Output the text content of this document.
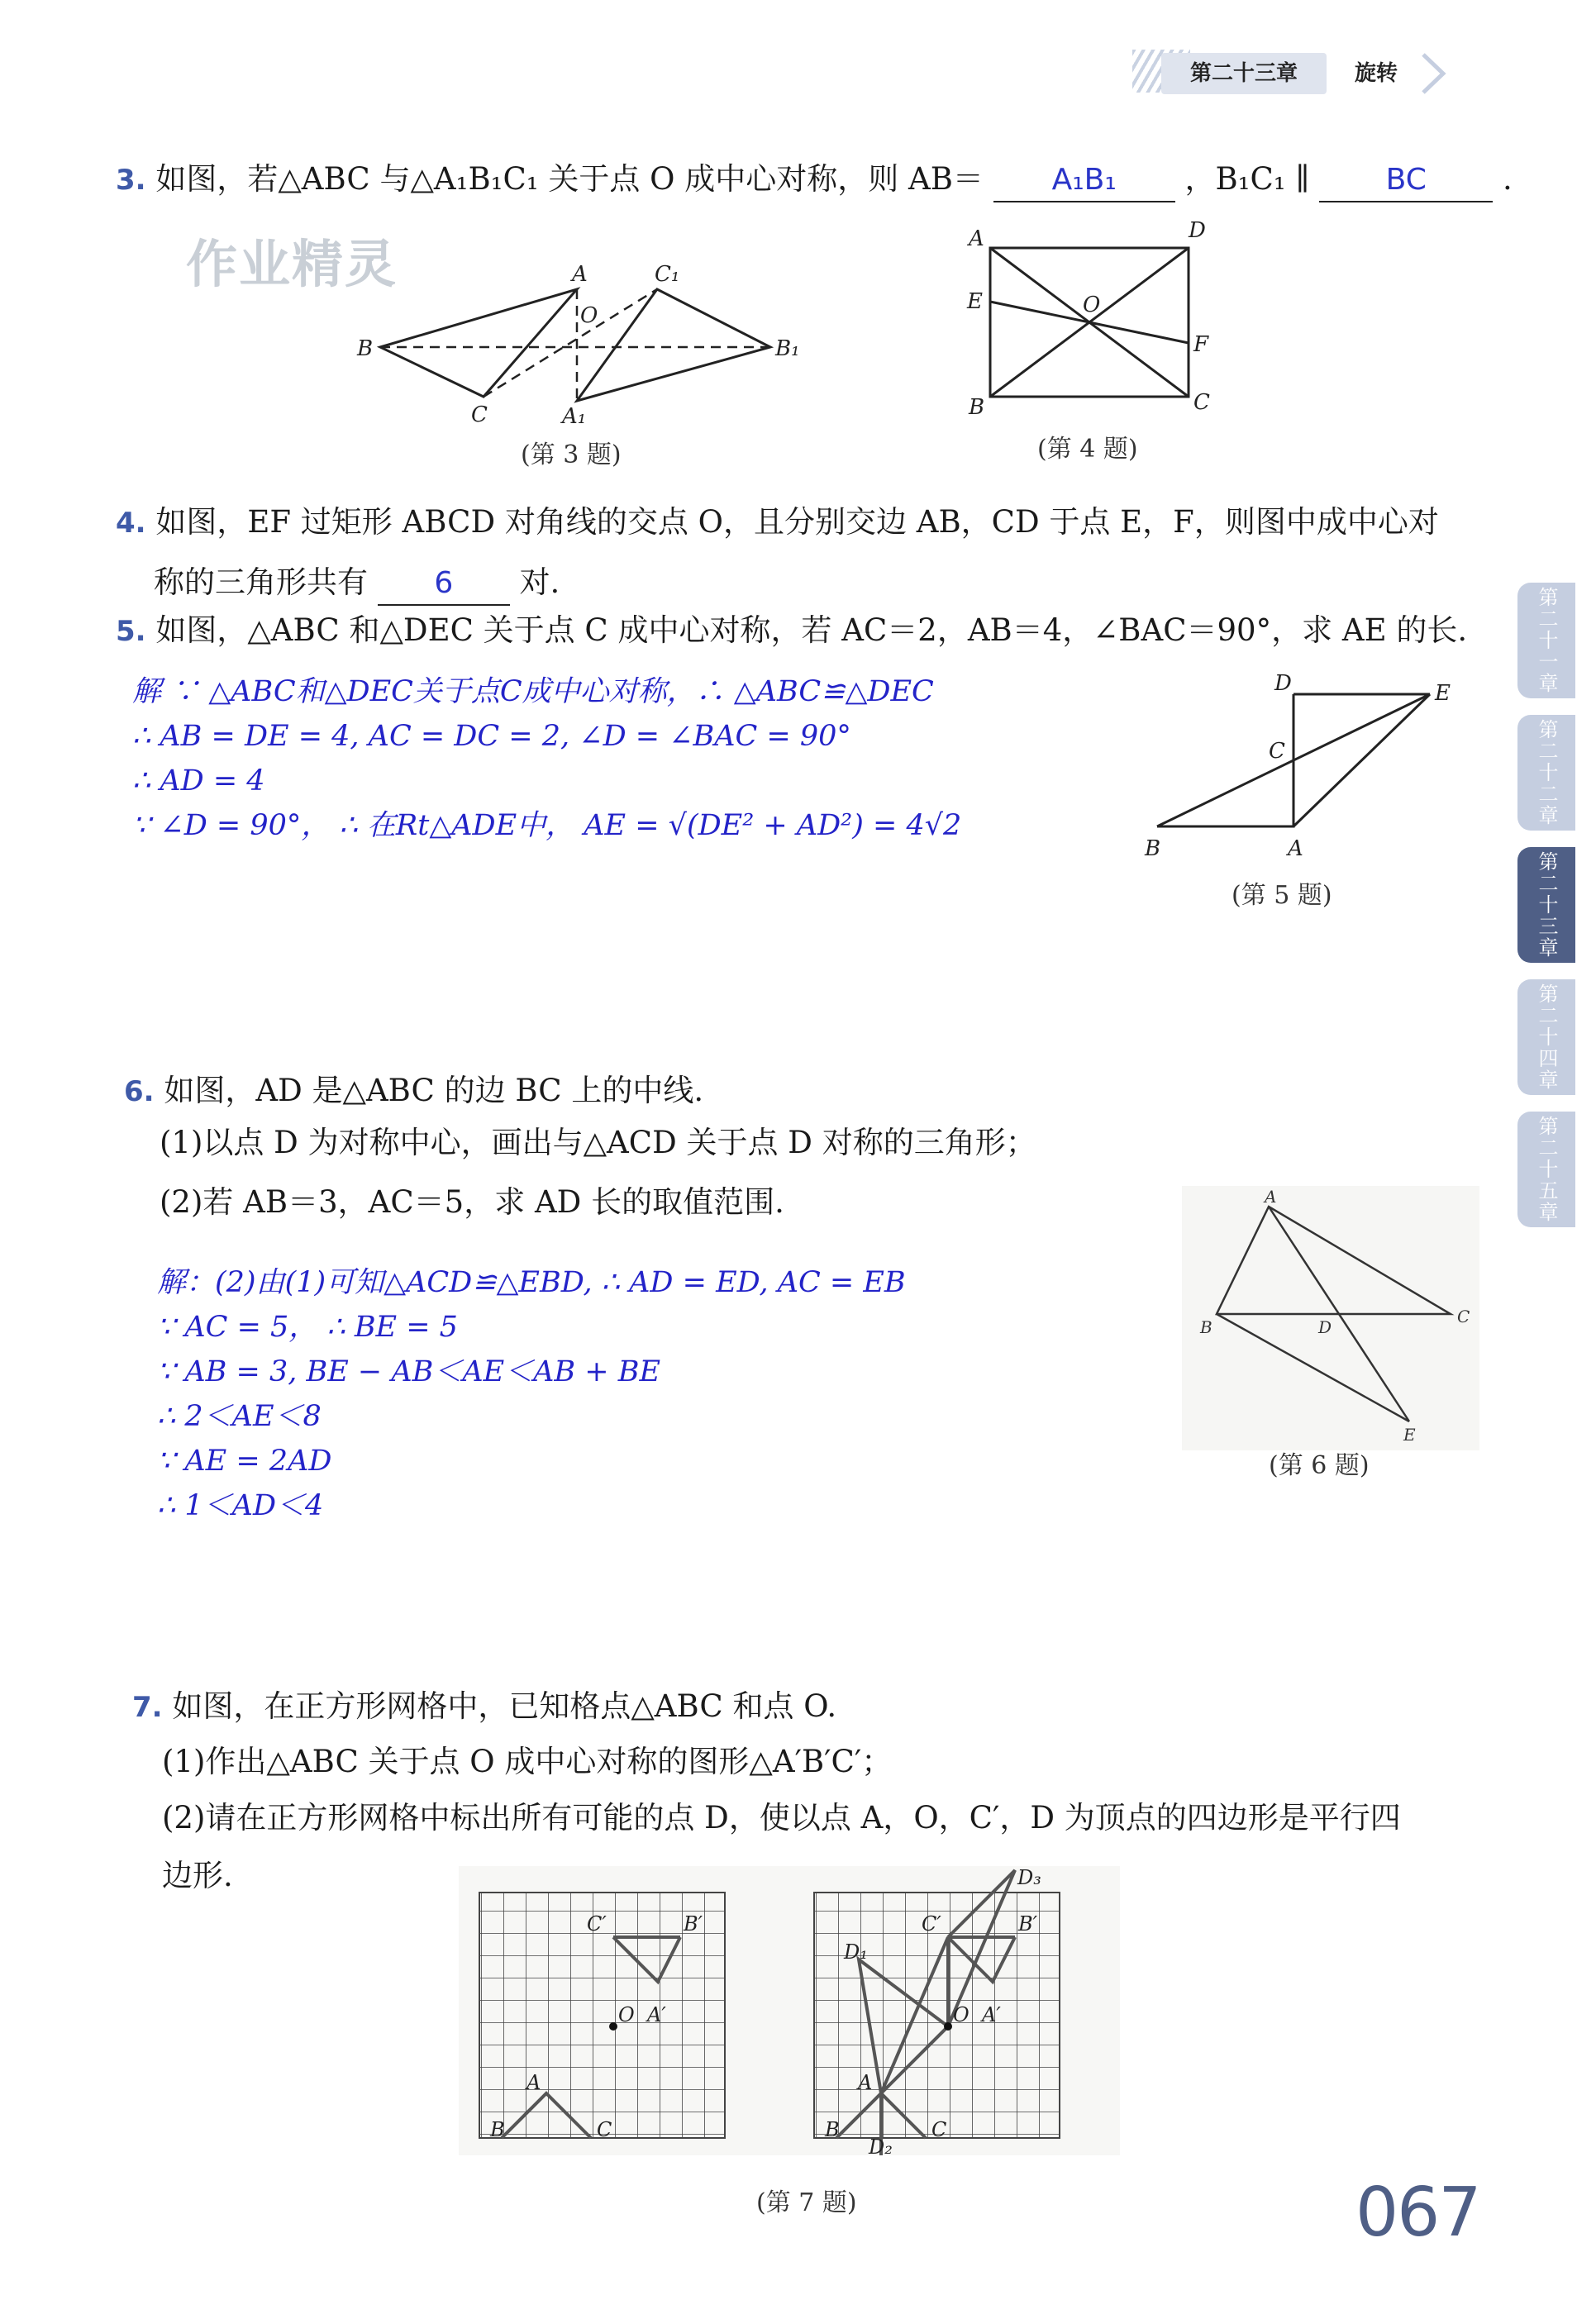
第二十三章	旋转
第二十一章
第二十二章
第二十三章
第二十四章
第二十五章
作业精灵
3. 如图，若△ABC 与△A₁B₁C₁ 关于点 O 成中心对称，则 AB＝ A₁B₁ ，B₁C₁ ∥	BC .
A	C₁
O
B	B₁
C	A₁
(第 3 题)
A	D
E	O
F
B	C
(第 4 题)
4. 如图，EF 过矩形 ABCD 对角线的交点 O，且分别交边 AB，CD 于点 E，F，则图中成中心对
称的三角形共有 6 对.
5. 如图，△ABC 和△DEC 关于点 C 成中心对称，若 AC＝2，AB＝4，∠BAC＝90°，求 AE 的长.
解 ∵ △ABC和△DEC关于点C成中心对称，∴ △ABC≌△DEC
∴ AB = DE = 4, AC = DC = 2, ∠D = ∠BAC = 90°
∴ AD = 4
∵ ∠D = 90°， ∴ 在Rt△ADE中， AE = √(DE² + AD²) = 4√2
D	E
C
B	A
(第 5 题)
6. 如图，AD 是△ABC 的边 BC 上的中线.
(1)以点 D 为对称中心，画出与△ACD 关于点 D 对称的三角形；
(2)若 AB＝3，AC＝5，求 AD 长的取值范围.
解：(2)由(1)可知△ACD≌△EBD, ∴ AD = ED, AC = EB
∵ AC = 5， ∴ BE = 5
∵ AB = 3, BE − AB＜AE＜AB + BE
∴ 2＜AE＜8
∵ AE = 2AD
∴ 1＜AD＜4
A
B	D
C
E
(第 6 题)
7. 如图，在正方形网格中，已知格点△ABC 和点 O.
(1)作出△ABC 关于点 O 成中心对称的图形△A′B′C′；
(2)请在正方形网格中标出所有可能的点 D，使以点 A，O，C′，D 为顶点的四边形是平行四
边形.
C′	B′
O A′
A
B	C
D₃
C′	B′
D₁
O A′
A
B	C
D₂
(第 7 题)	067
